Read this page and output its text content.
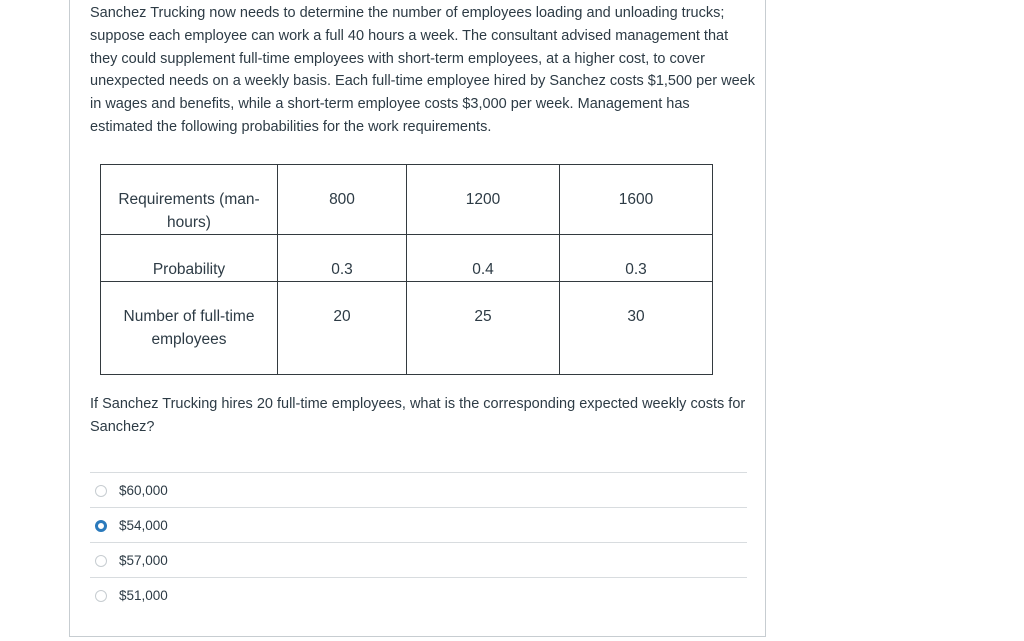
Sanchez Trucking now needs to determine the number of employees loading and unloading trucks; suppose each employee can work a full 40 hours a week. The consultant advised management that they could supplement full-time employees with short-term employees, at a higher cost, to cover unexpected needs on a weekly basis. Each full-time employee hired by Sanchez costs $1,500 per week in wages and benefits, while a short-term employee costs $3,000 per week. Management has estimated the following probabilities for the work requirements.

Requirements (man-hours)	800	1200	1600

Probability	0.3	0.4	0.3

Number of full-time employees	20	25	30

If Sanchez Trucking hires 20 full-time employees, what is the corresponding expected weekly costs for Sanchez?

$60,000
$54,000
$57,000
$51,000
